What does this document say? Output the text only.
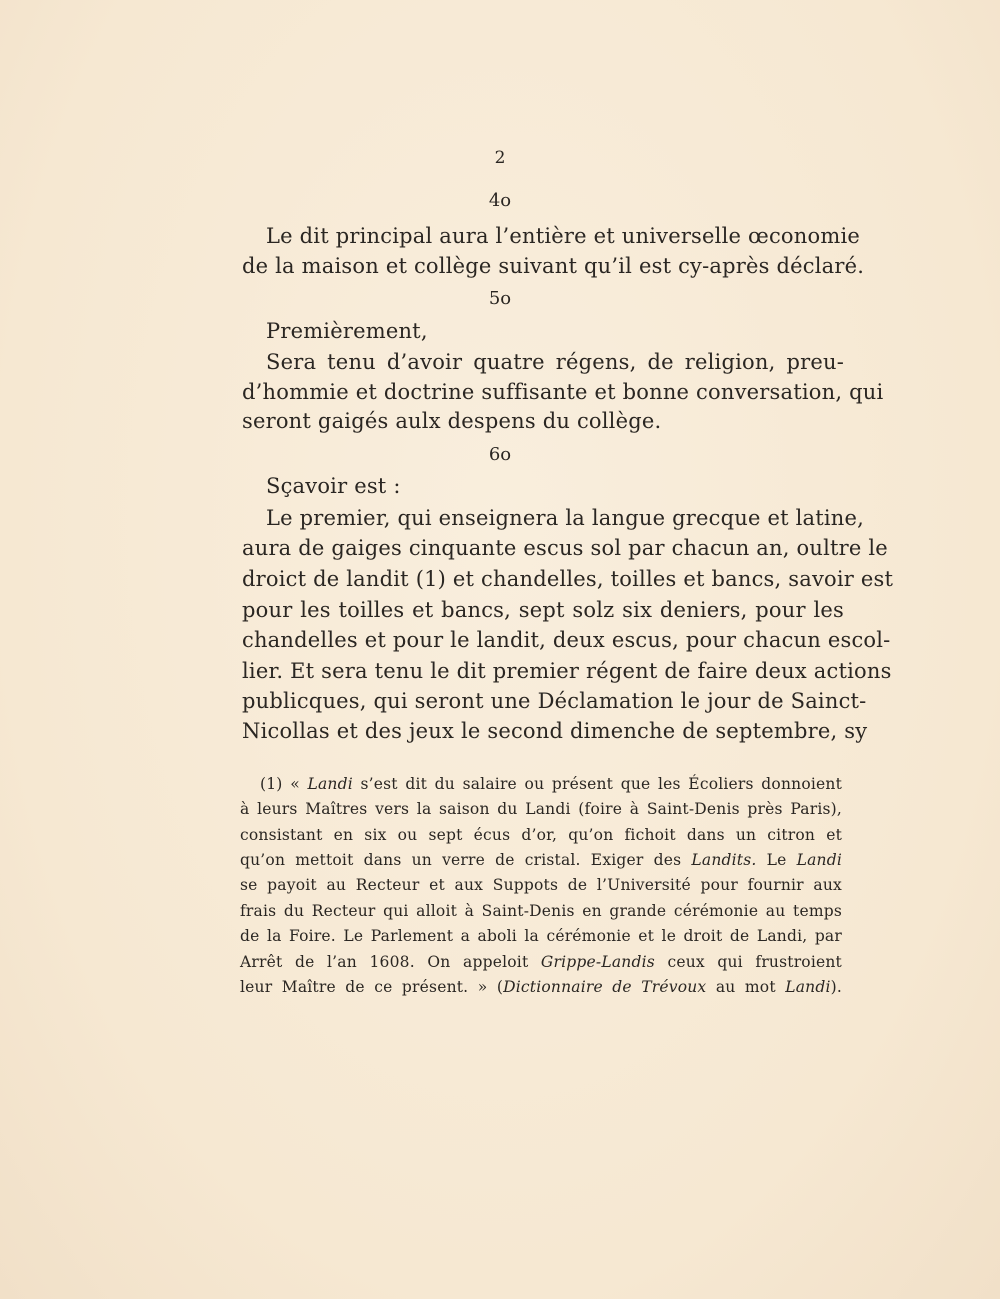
2
4o
Le dit principal aura l’entière et universelle œconomie
de la maison et collège suivant qu’il est cy-après déclaré.
5o
Premièrement,
Sera tenu d’avoir quatre régens, de religion, preu-
d’hommie et doctrine suffisante et bonne conversation, qui
seront gaigés aulx despens du collège.
6o
Sçavoir est :
Le premier, qui enseignera la langue grecque et latine,
aura de gaiges cinquante escus sol par chacun an, oultre le
droict de landit (1) et chandelles, toilles et bancs, savoir est
pour les toilles et bancs, sept solz six deniers, pour les
chandelles et pour le landit, deux escus, pour chacun escol-
lier. Et sera tenu le dit premier régent de faire deux actions
publicques, qui seront une Déclamation le jour de Sainct-
Nicollas et des jeux le second dimenche de septembre, sy
(1) « Landi s’est dit du salaire ou présent que les Écoliers donnoient
à leurs Maîtres vers la saison du Landi (foire à Saint-Denis près Paris),
consistant en six ou sept écus d’or, qu’on fichoit dans un citron et
qu’on mettoit dans un verre de cristal. Exiger des Landits. Le Landi
se payoit au Recteur et aux Suppots de l’Université pour fournir aux
frais du Recteur qui alloit à Saint-Denis en grande cérémonie au temps
de la Foire. Le Parlement a aboli la cérémonie et le droit de Landi, par
Arrêt de l’an 1608. On appeloit Grippe-Landis ceux qui frustroient
leur Maître de ce présent. » (Dictionnaire de Trévoux au mot Landi).
